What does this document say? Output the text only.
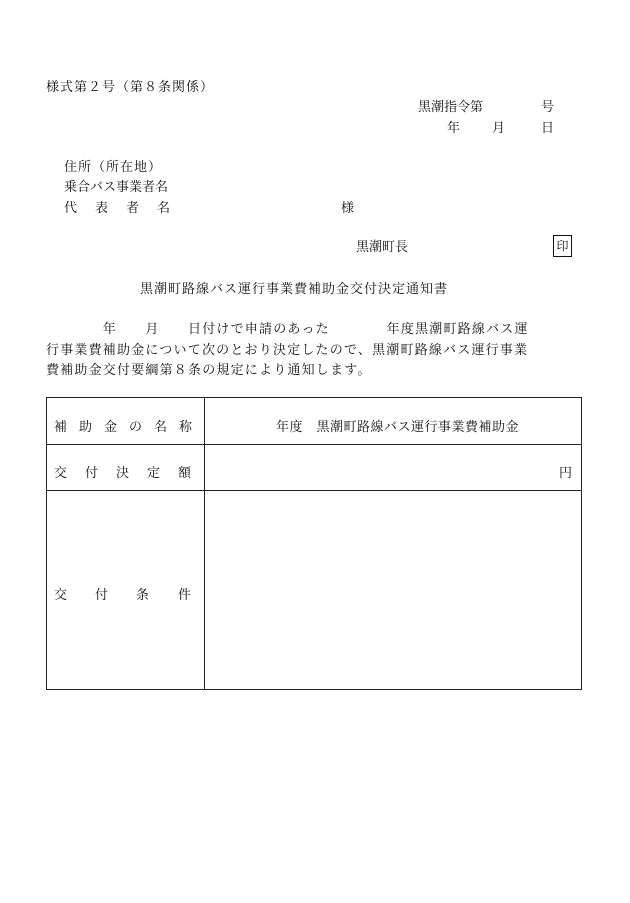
様式第２号（第８条関係）
黒潮指令第	号
年 月	日
住所（所在地）
乗合バス事業者名
代 表 者 名	様
黒潮町長	印
黒潮町路線バス運行事業費補助金交付決定通知書
　　　　年　　月　　日付けで申請のあった　　　　年度黒潮町路線バス運
行事業費補助金について次のとおり決定したので、黒潮町路線バス運行事業
費補助金交付要綱第８条の規定により通知します。
補 助 金 の 名 称	年度　黒潮町路線バス運行事業費補助金
交 付 決 定 額	円
交 付 条 件
